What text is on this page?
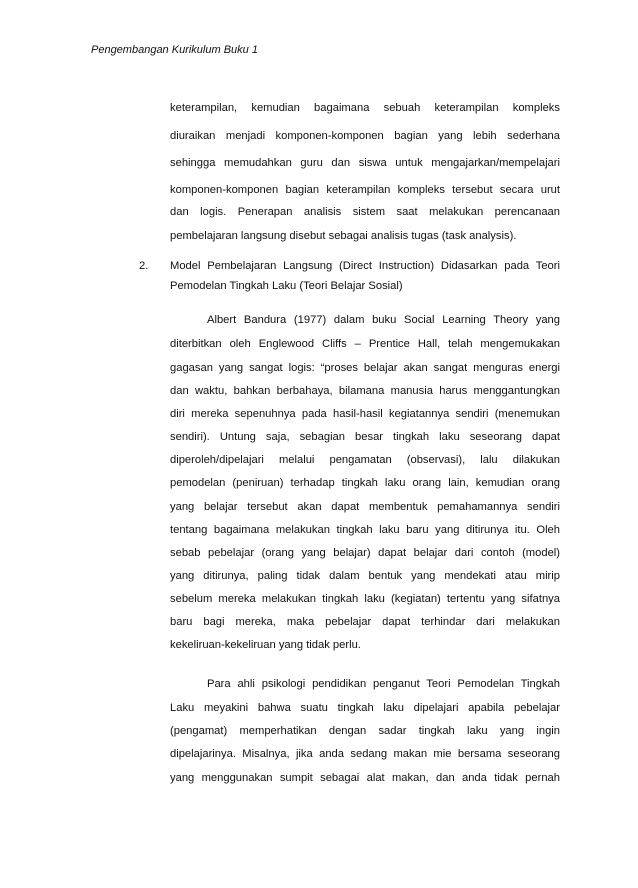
Pengembangan Kurikulum Buku 1
keterampilan, kemudian bagaimana sebuah keterampilan kompleks
diuraikan menjadi komponen-komponen bagian yang lebih sederhana
sehingga memudahkan guru dan siswa untuk mengajarkan/mempelajari
komponen-komponen bagian keterampilan kompleks tersebut secara urut
dan logis. Penerapan analisis sistem saat melakukan perencanaan
pembelajaran langsung disebut sebagai analisis tugas (task analysis).
2. Model Pembelajaran Langsung (Direct Instruction) Didasarkan pada Teori
Pemodelan Tingkah Laku (Teori Belajar Sosial)
Albert Bandura (1977) dalam buku Social Learning Theory yang
diterbitkan oleh Englewood Cliffs – Prentice Hall, telah mengemukakan
gagasan yang sangat logis: “proses belajar akan sangat menguras energi
dan waktu, bahkan berbahaya, bilamana manusia harus menggantungkan
diri mereka sepenuhnya pada hasil-hasil kegiatannya sendiri (menemukan
sendiri). Untung saja, sebagian besar tingkah laku seseorang dapat
diperoleh/dipelajari melalui pengamatan (observasi), lalu dilakukan
pemodelan (peniruan) terhadap tingkah laku orang lain, kemudian orang
yang belajar tersebut akan dapat membentuk pemahamannya sendiri
tentang bagaimana melakukan tingkah laku baru yang ditirunya itu. Oleh
sebab pebelajar (orang yang belajar) dapat belajar dari contoh (model)
yang ditirunya, paling tidak dalam bentuk yang mendekati atau mirip
sebelum mereka melakukan tingkah laku (kegiatan) tertentu yang sifatnya
baru bagi mereka, maka pebelajar dapat terhindar dari melakukan
kekeliruan-kekeliruan yang tidak perlu.
Para ahli psikologi pendidikan penganut Teori Pemodelan Tingkah
Laku meyakini bahwa suatu tingkah laku dipelajari apabila pebelajar
(pengamat) memperhatikan dengan sadar tingkah laku yang ingin
dipelajarinya. Misalnya, jika anda sedang makan mie bersama seseorang
yang menggunakan sumpit sebagai alat makan, dan anda tidak pernah
